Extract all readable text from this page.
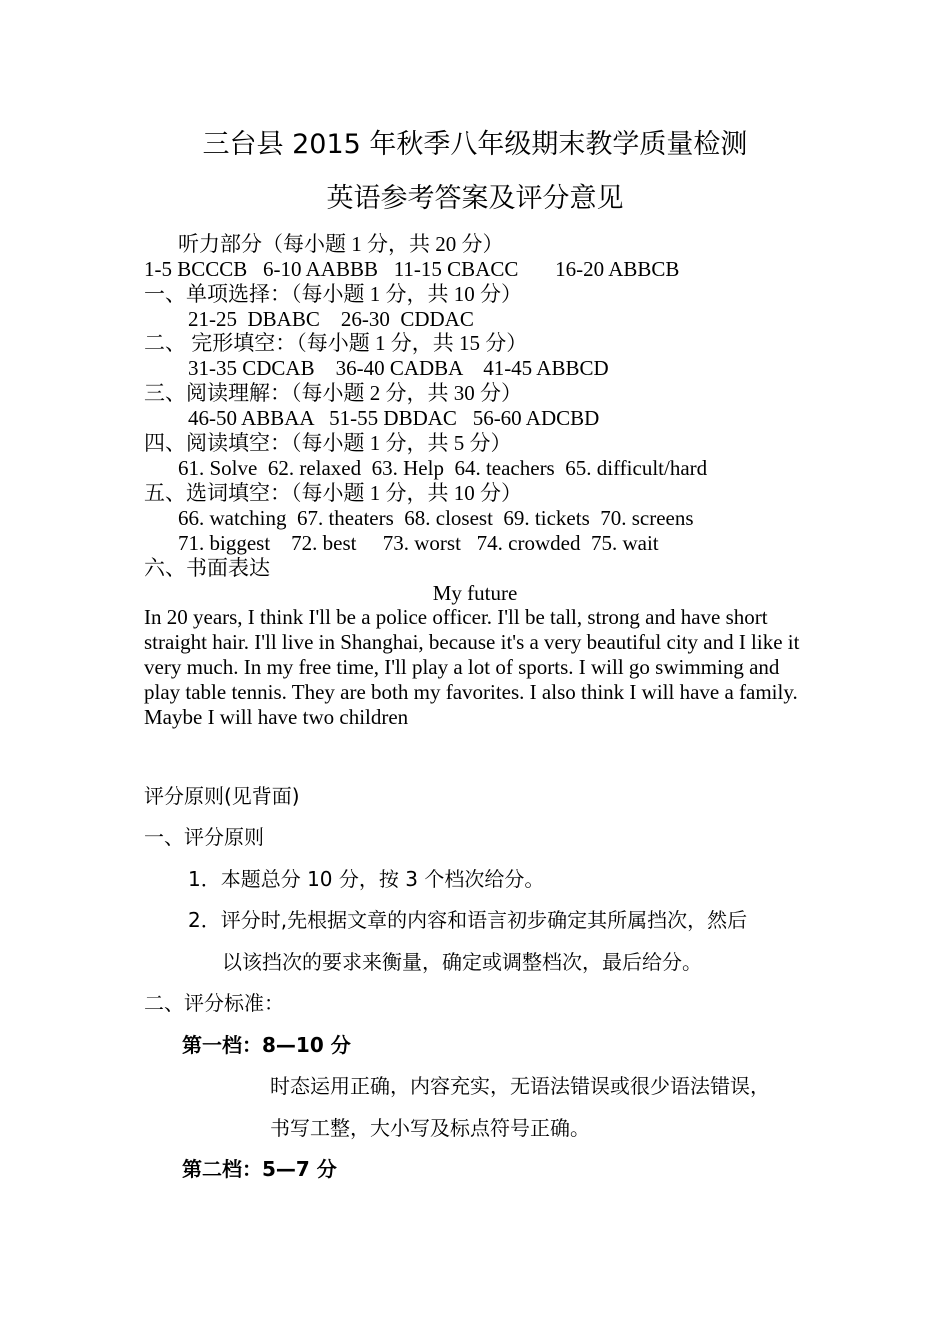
三台县 2015 年秋季八年级期末教学质量检测
英语参考答案及评分意见
听力部分（每小题 1 分，共 20 分）
1-5 BCCCB   6-10 AABBB   11-15 CBACC       16-20 ABBCB
一、单项选择：（每小题 1 分，共 10 分）
21-25  DBABC    26-30  CDDAC
二、 完形填空：（每小题 1 分，共 15 分）
31-35 CDCAB    36-40 CADBA    41-45 ABBCD
三、阅读理解：（每小题 2 分，共 30 分）
46-50 ABBAA   51-55 DBDAC   56-60 ADCBD
四、阅读填空：（每小题 1 分，共 5 分）
61. Solve  62. relaxed  63. Help  64. teachers  65. difficult/hard
五、选词填空：（每小题 1 分，共 10 分）
66. watching  67. theaters  68. closest  69. tickets  70. screens
71. biggest    72. best     73. worst   74. crowded  75. wait
六、书面表达
My future
In 20 years, I think I'll be a police officer. I'll be tall, strong and have short straight hair. I'll live in Shanghai, because it's a very beautiful city and I like it very much. In my free time, I'll play a lot of sports. I will go swimming and play table tennis. They are both my favorites. I also think I will have a family. Maybe I will have two children
评分原则(见背面)
一、评分原则
1．本题总分 10 分，按 3 个档次给分。
2．评分时,先根据文章的内容和语言初步确定其所属挡次，然后
以该挡次的要求来衡量，确定或调整档次，最后给分。
二、评分标准：
第一档：8—10 分
时态运用正确，内容充实，无语法错误或很少语法错误，
书写工整，大小写及标点符号正确。
第二档：5—7 分
